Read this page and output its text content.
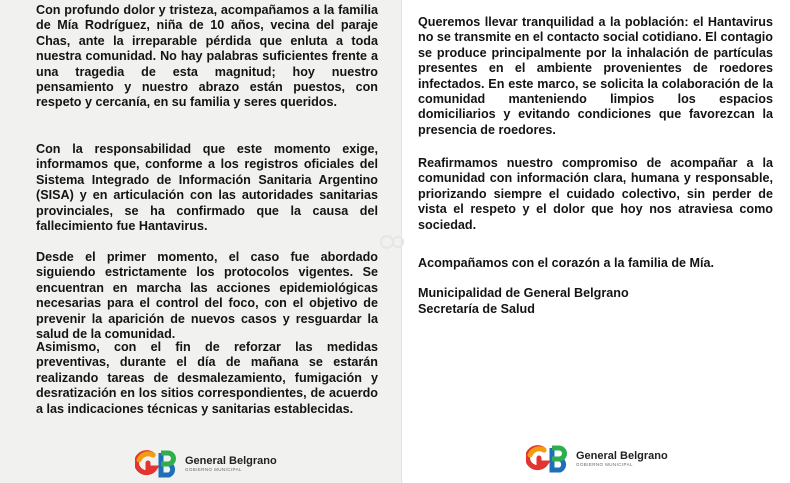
Con profundo dolor y tristeza, acompañamos a la familia de Mía Rodríguez, niña de 10 años, vecina del paraje Chas, ante la irreparable pérdida que enluta a toda nuestra comunidad. No hay palabras suficientes frente a una tragedia de esta magnitud; hoy nuestro pensamiento y nuestro abrazo están puestos, con respeto y cercanía, en su familia y seres queridos.
Con la responsabilidad que este momento exige, informamos que, conforme a los registros oficiales del Sistema Integrado de Información Sanitaria Argentino (SISA) y en articulación con las autoridades sanitarias provinciales, se ha confirmado que la causa del fallecimiento fue Hantavirus.
Desde el primer momento, el caso fue abordado siguiendo estrictamente los protocolos vigentes. Se encuentran en marcha las acciones epidemiológicas necesarias para el control del foco, con el objetivo de prevenir la aparición de nuevos casos y resguardar la salud de la comunidad.
Asimismo, con el fin de reforzar las medidas preventivas, durante el día de mañana se estarán realizando tareas de desmalezamiento, fumigación y desratización en los sitios correspondientes, de acuerdo a las indicaciones técnicas y sanitarias establecidas.
General Belgrano
GOBIERNO MUNICIPAL
Queremos llevar tranquilidad a la población: el Hantavirus no se transmite en el contacto social cotidiano. El contagio se produce principalmente por la inhalación de partículas presentes en el ambiente provenientes de roedores infectados. En este marco, se solicita la colaboración de la comunidad manteniendo limpios los espacios domiciliarios y evitando condiciones que favorezcan la presencia de roedores.
Reafirmamos nuestro compromiso de acompañar a la comunidad con información clara, humana y responsable, priorizando siempre el cuidado colectivo, sin perder de vista el respeto y el dolor que hoy nos atraviesa como sociedad.
Acompañamos con el corazón a la familia de Mía.
Municipalidad de General Belgrano
Secretaría de Salud
General Belgrano
GOBIERNO MUNICIPAL
